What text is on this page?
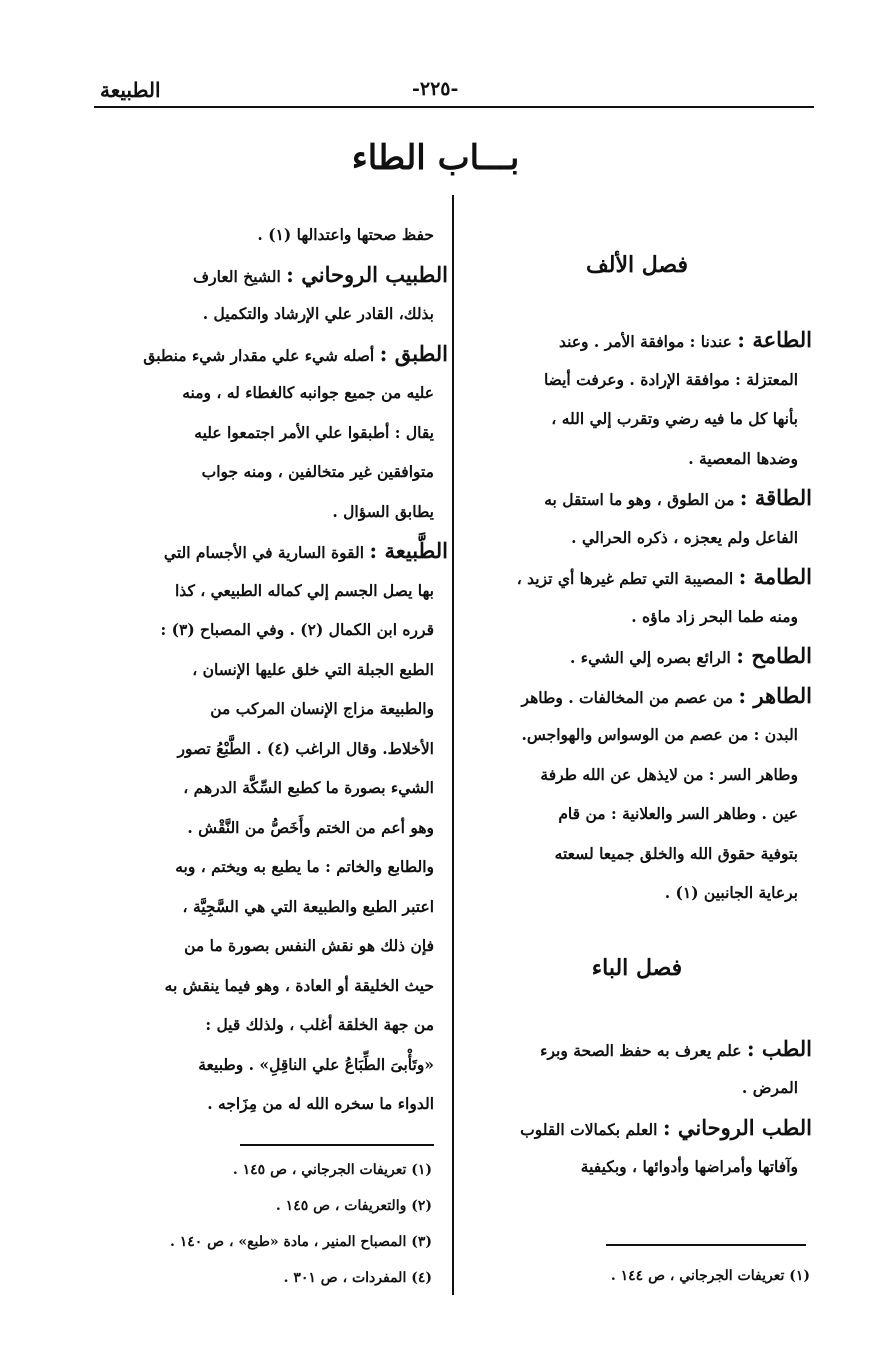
الطبيعة	-٢٢٥-
بـــاب الطاء
فصل الألف
الطاعة : عندنا : موافقة الأمر . وعند
المعتزلة : موافقة الإرادة . وعرفت أيضا
بأنها كل ما فيه رضي وتقرب إلي الله ،
وضدها المعصية .
الطاقة : من الطوق ، وهو ما استقل به
الفاعل ولم يعجزه ، ذكره الحرالي .
الطامة : المصيبة التي تطم غيرها أي تزيد ،
ومنه طما البحر زاد ماؤه .
الطامح : الرائع بصره إلي الشيء .
الطاهر : من عصم من المخالفات . وطاهر
البدن : من عصم من الوسواس والهواجس.
وطاهر السر : من لايذهل عن الله طرفة
عين . وطاهر السر والعلانية : من قام
بتوفية حقوق الله والخلق جميعا لسعته
برعاية الجانبين (١) .
فصل الباء
الطب : علم يعرف به حفظ الصحة وبرء
المرض .
الطب الروحاني : العلم بكمالات القلوب
وآفاتها وأمراضها وأدوائها ، وبكيفية
(١) تعريفات الجرجاني ، ص ١٤٤ .
حفظ صحتها واعتدالها (١) .
الطبيب الروحاني : الشيخ العارف
بذلك، القادر علي الإرشاد والتكميل .
الطبق : أصله شيء علي مقدار شيء منطبق
عليه من جميع جوانبه كالغطاء له ، ومنه
يقال : أطبقوا علي الأمر اجتمعوا عليه
متوافقين غير متخالفين ، ومنه جواب
يطابق السؤال .
الطَّبيعة : القوة السارية في الأجسام التي
بها يصل الجسم إلي كماله الطبيعي ، كذا
قرره ابن الكمال (٢) . وفي المصباح (٣) :
الطبع الجبلة التي خلق عليها الإنسان ،
والطبيعة مزاج الإنسان المركب من
الأخلاط. وقال الراغب (٤) . الطَّبْعُ تصور
الشيء بصورة ما كطبع السِّكَّة الدرهم ،
وهو أعم من الختم وأَخَصُّ من النَّقْش .
والطابع والخاتم : ما يطبع به ويختم ، وبه
اعتبر الطبع والطبيعة التي هي السَّجِيَّة ،
فإن ذلك هو نقش النفس بصورة ما من
حيث الخليقة أو العادة ، وهو فيما ينقش به
من جهة الخلقة أغلب ، ولذلك قيل :
«وتَأْبىَ الطِّبَاعُ علي الناقِلِ» . وطبيعة
الدواء ما سخره الله له من مِزَاجه .
(١) تعريفات الجرجاني ، ص ١٤٥ .
(٢) والتعريفات ، ص ١٤٥ .
(٣) المصباح المنير ، مادة «طبع» ، ص ١٤٠ .
(٤) المفردات ، ص ٣٠١ .
